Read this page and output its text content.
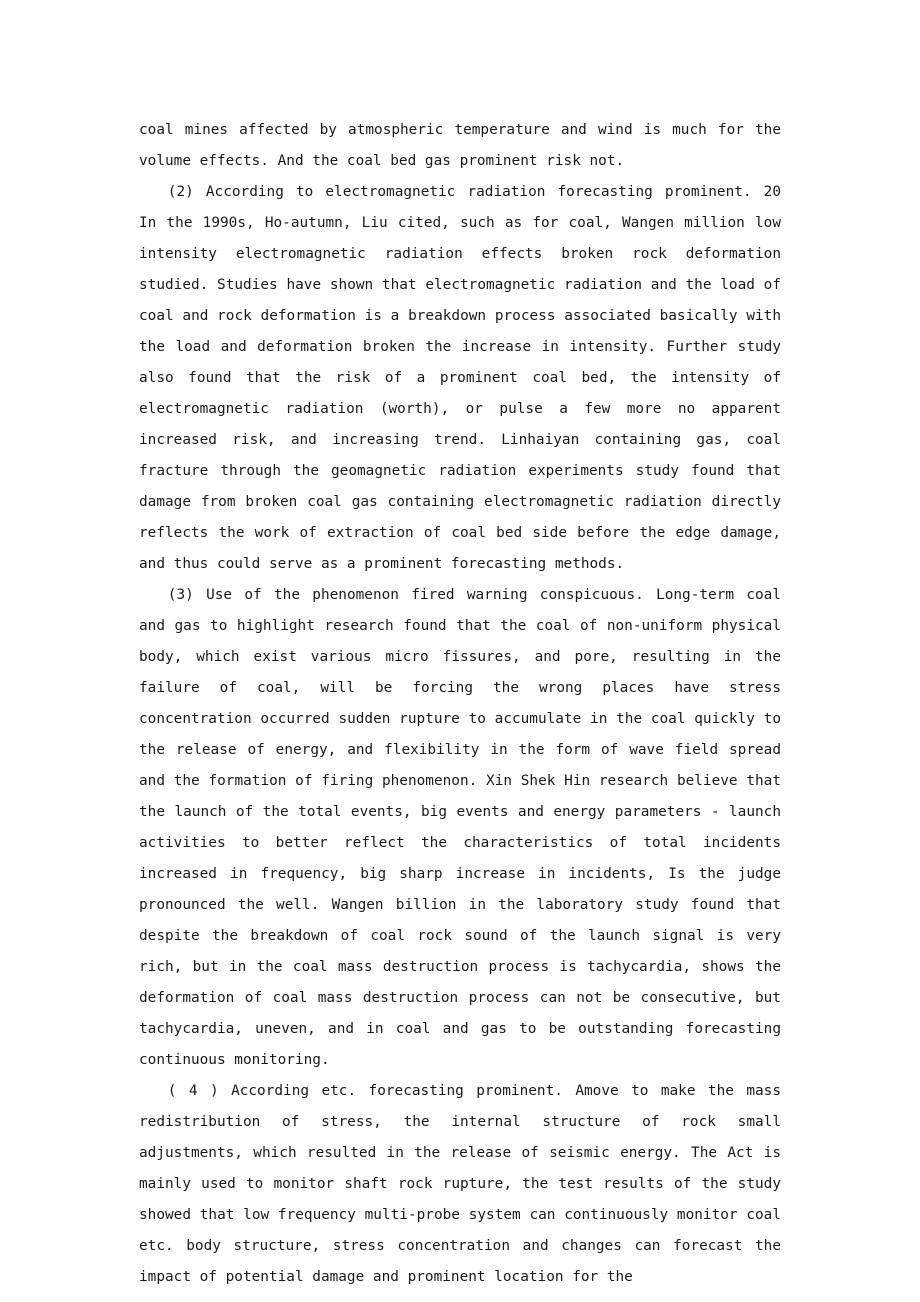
coal mines affected by atmospheric temperature and wind is much for the volume effects. And the coal bed gas prominent risk not.

(2) According to electromagnetic radiation forecasting prominent. 20 In the 1990s, Ho-autumn, Liu cited, such as for coal, Wangen million low intensity electromagnetic radiation effects broken rock deformation studied. Studies have shown that electromagnetic radiation and the load of coal and rock deformation is a breakdown process associated basically with the load and deformation broken the increase in intensity. Further study also found that the risk of a prominent coal bed, the intensity of electromagnetic radiation (worth), or pulse a few more no apparent increased risk, and increasing trend. Linhaiyan containing gas, coal fracture through the geomagnetic radiation experiments study found that damage from broken coal gas containing electromagnetic radiation directly reflects the work of extraction of coal bed side before the edge damage, and thus could serve as a prominent forecasting methods.

(3) Use of the phenomenon fired warning conspicuous. Long-term coal and gas to highlight research found that the coal of non-uniform physical body, which exist various micro fissures, and pore, resulting in the failure of coal, will be forcing the wrong places have stress concentration occurred sudden rupture to accumulate in the coal quickly to the release of energy, and flexibility in the form of wave field spread and the formation of firing phenomenon. Xin Shek Hin research believe that the launch of the total events, big events and energy parameters - launch activities to better reflect the characteristics of total incidents increased in frequency, big sharp increase in incidents, Is the judge pronounced the well. Wangen billion in the laboratory study found that despite the breakdown of coal rock sound of the launch signal is very rich, but in the coal mass destruction process is tachycardia, shows the deformation of coal mass destruction process can not be consecutive, but tachycardia, uneven, and in coal and gas to be outstanding forecasting continuous monitoring.

( 4 ) According etc. forecasting prominent. Amove to make the mass redistribution of stress, the internal structure of rock small adjustments, which resulted in the release of seismic energy. The Act is mainly used to monitor shaft rock rupture, the test results of the study showed that low frequency multi-probe system can continuously monitor coal etc. body structure, stress concentration and changes can forecast the impact of potential damage and prominent location for the
